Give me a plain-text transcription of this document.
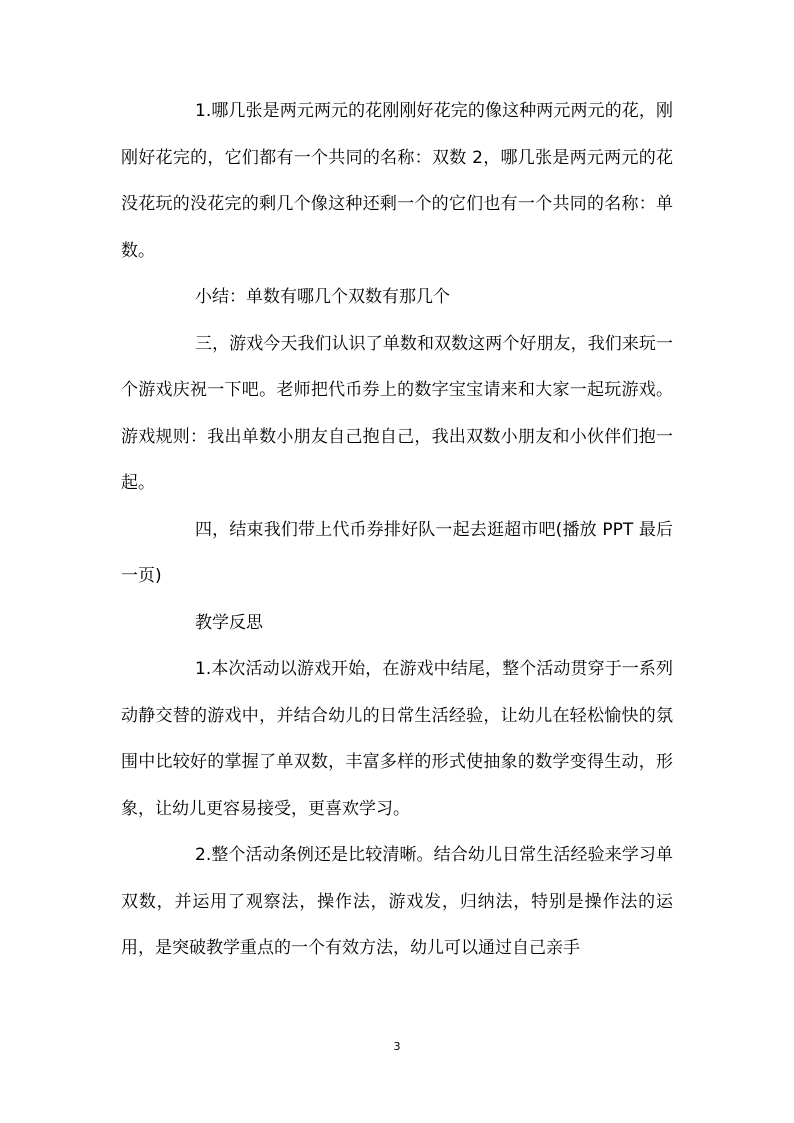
1.哪几张是两元两元的花刚刚好花完的像这种两元两元的花，刚刚好花完的，它们都有一个共同的名称：双数 2，哪几张是两元两元的花没花玩的没花完的剩几个像这种还剩一个的它们也有一个共同的名称：单数。

小结：单数有哪几个双数有那几个

三，游戏今天我们认识了单数和双数这两个好朋友，我们来玩一个游戏庆祝一下吧。老师把代币券上的数字宝宝请来和大家一起玩游戏。游戏规则：我出单数小朋友自己抱自己，我出双数小朋友和小伙伴们抱一起。

四，结束我们带上代币券排好队一起去逛超市吧(播放 PPT 最后一页)

教学反思

1.本次活动以游戏开始，在游戏中结尾，整个活动贯穿于一系列动静交替的游戏中，并结合幼儿的日常生活经验，让幼儿在轻松愉快的氛围中比较好的掌握了单双数，丰富多样的形式使抽象的数学变得生动，形象，让幼儿更容易接受，更喜欢学习。

2.整个活动条例还是比较清晰。结合幼儿日常生活经验来学习单双数，并运用了观察法，操作法，游戏发，归纳法，特别是操作法的运用，是突破教学重点的一个有效方法，幼儿可以通过自己亲手

3
